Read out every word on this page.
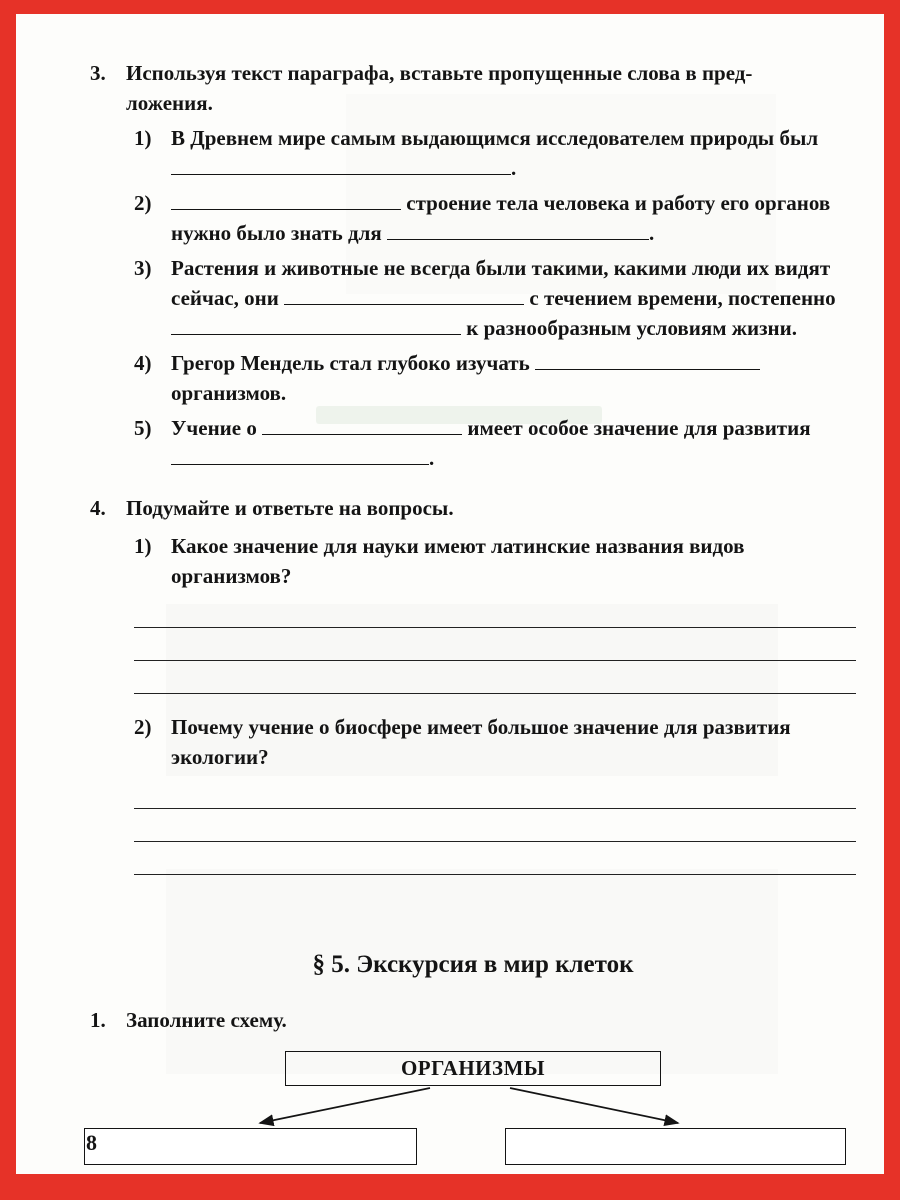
3. Используя текст параграфа, вставьте пропущенные слова в пред-
ложения.
1) В Древнем мире самым выдающимся исследователем природы был .
2)	строение тела человека и работу его органов нужно было знать для	.
3) Растения и животные не всегда были такими, какими люди их видят сейчас, они	с течением времени, постепенно  к разнообразным условиям жизни.
4) Грегор Мендель стал глубоко изучать  организмов.
5) Учение о	имеет особое значение для развития .
4. Подумайте и ответьте на вопросы.
1) Какое значение для науки имеют латинские названия видов организмов?
2) Почему учение о биосфере имеет большое значение для развития экологии?
§ 5. Экскурсия в мир клеток
1. Заполните схему.
ОРГАНИЗМЫ
8
